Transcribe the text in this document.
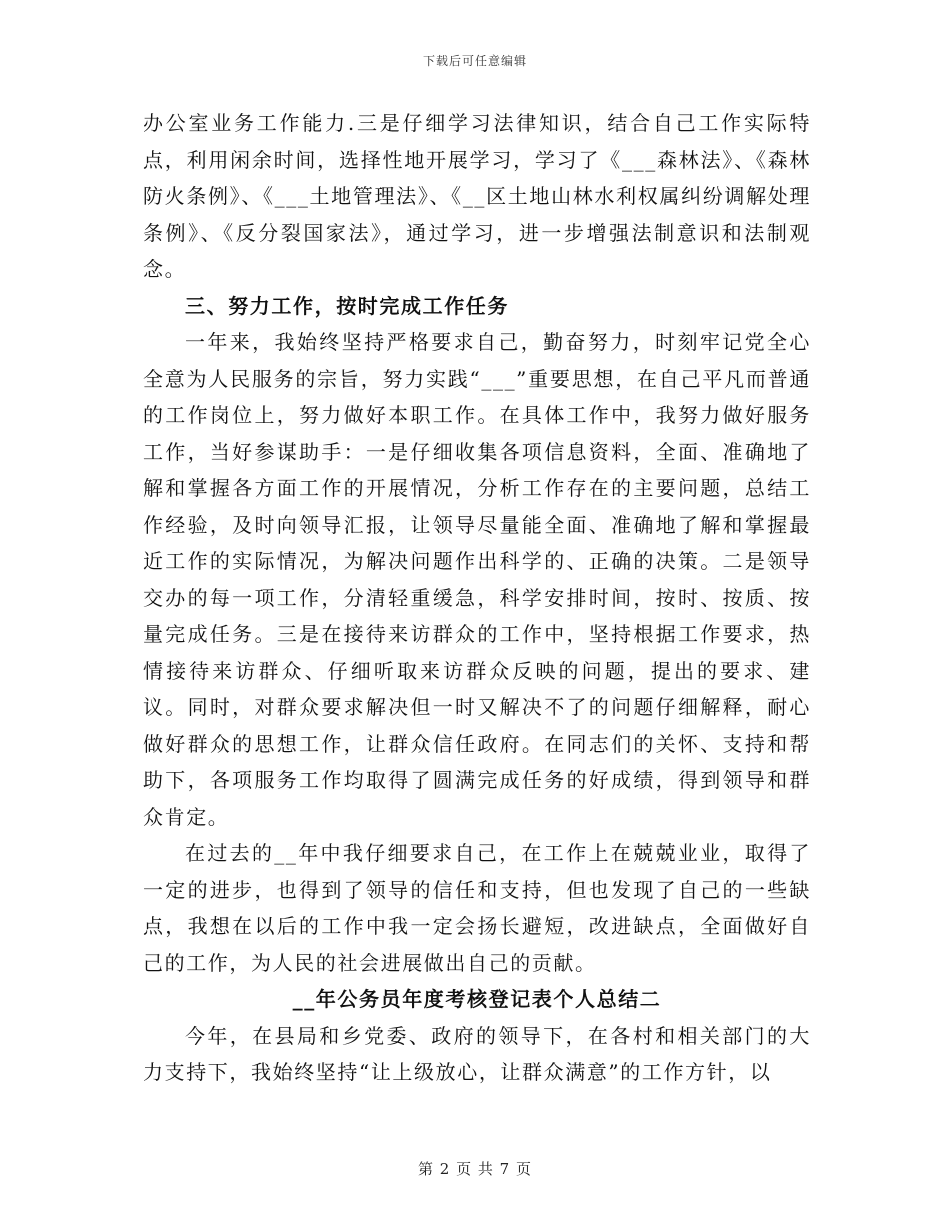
下载后可任意编辑

办公室业务工作能力.三是仔细学习法律知识，结合自己工作实际特点，利用闲余时间，选择性地开展学习，学习了《___森林法》、《森林防火条例》、《___土地管理法》、《__区土地山林水利权属纠纷调解处理条例》、《反分裂国家法》，通过学习，进一步增强法制意识和法制观念。

三、努力工作，按时完成工作任务

一年来，我始终坚持严格要求自己，勤奋努力，时刻牢记党全心全意为人民服务的宗旨，努力实践“___”重要思想，在自己平凡而普通的工作岗位上，努力做好本职工作。在具体工作中，我努力做好服务工作，当好参谋助手：一是仔细收集各项信息资料，全面、准确地了解和掌握各方面工作的开展情况，分析工作存在的主要问题，总结工作经验，及时向领导汇报，让领导尽量能全面、准确地了解和掌握最近工作的实际情况，为解决问题作出科学的、正确的决策。二是领导交办的每一项工作，分清轻重缓急，科学安排时间，按时、按质、按量完成任务。三是在接待来访群众的工作中，坚持根据工作要求，热情接待来访群众、仔细听取来访群众反映的问题，提出的要求、建议。同时，对群众要求解决但一时又解决不了的问题仔细解释，耐心做好群众的思想工作，让群众信任政府。在同志们的关怀、支持和帮助下，各项服务工作均取得了圆满完成任务的好成绩，得到领导和群众肯定。

在过去的__年中我仔细要求自己，在工作上在兢兢业业，取得了一定的进步，也得到了领导的信任和支持，但也发现了自己的一些缺点，我想在以后的工作中我一定会扬长避短，改进缺点，全面做好自己的工作，为人民的社会进展做出自己的贡献。

__年公务员年度考核登记表个人总结二

今年，在县局和乡党委、政府的领导下，在各村和相关部门的大力支持下，我始终坚持“让上级放心，让群众满意”的工作方针，以

第 2 页 共 7 页
